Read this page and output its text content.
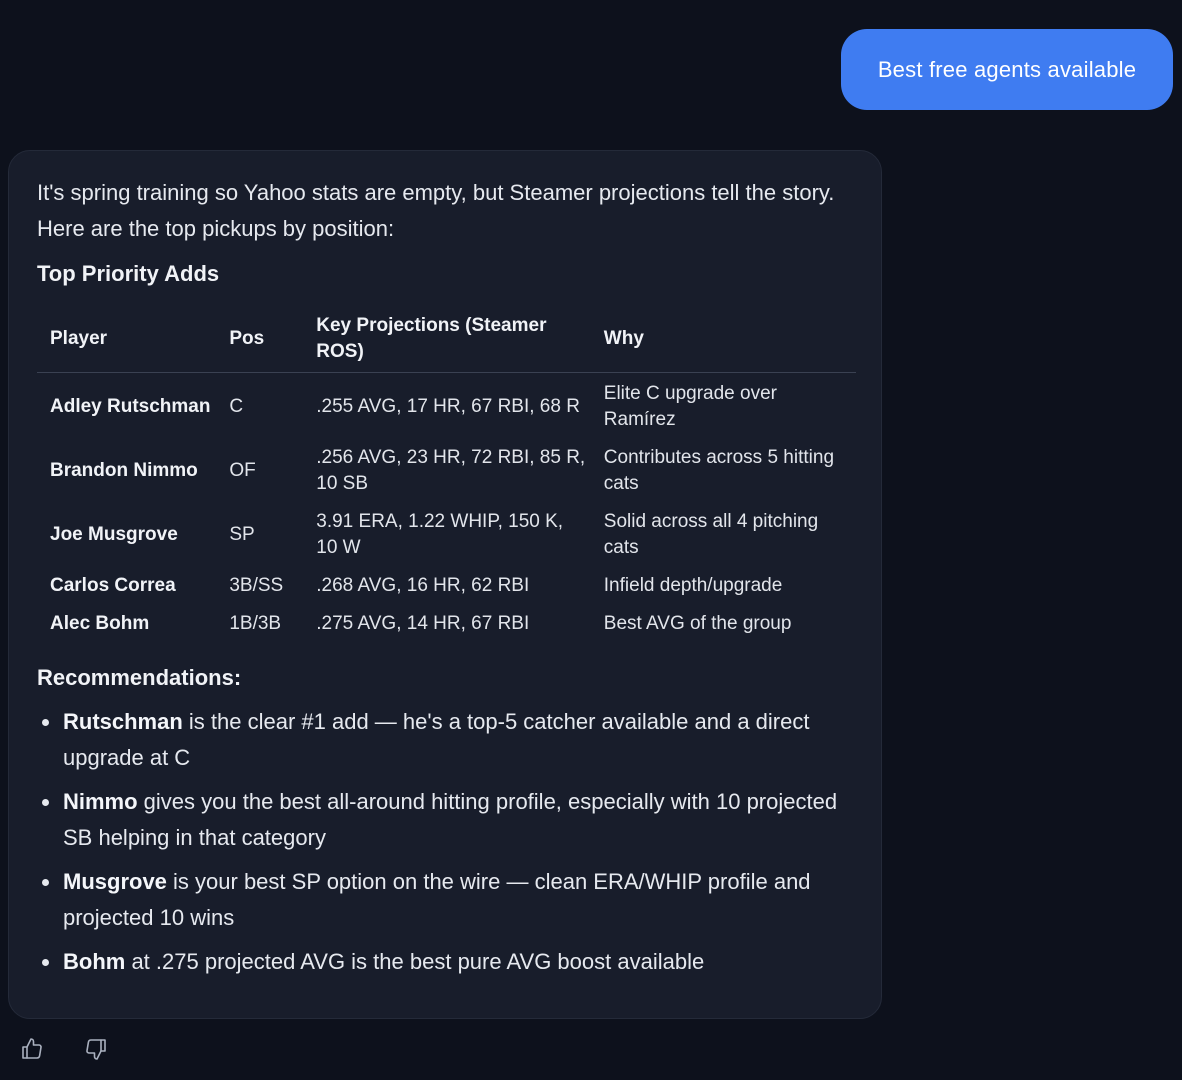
Best free agents available

It's spring training so Yahoo stats are empty, but Steamer projections tell the story. Here are the top pickups by position:

Top Priority Adds
Player	Pos	Key Projections (Steamer ROS)	Why
Adley Rutschman	C	.255 AVG, 17 HR, 67 RBI, 68 R	Elite C upgrade over Ramírez
Brandon Nimmo	OF	.256 AVG, 23 HR, 72 RBI, 85 R, 10 SB	Contributes across 5 hitting cats
Joe Musgrove	SP	3.91 ERA, 1.22 WHIP, 150 K, 10 W	Solid across all 4 pitching cats
Carlos Correa	3B/SS	.268 AVG, 16 HR, 62 RBI	Infield depth/upgrade
Alec Bohm	1B/3B	.275 AVG, 14 HR, 67 RBI	Best AVG of the group
Recommendations:
Rutschman is the clear #1 add — he's a top-5 catcher available and a direct upgrade at C
Nimmo gives you the best all-around hitting profile, especially with 10 projected SB helping in that category
Musgrove is your best SP option on the wire — clean ERA/WHIP profile and projected 10 wins
Bohm at .275 projected AVG is the best pure AVG boost available
